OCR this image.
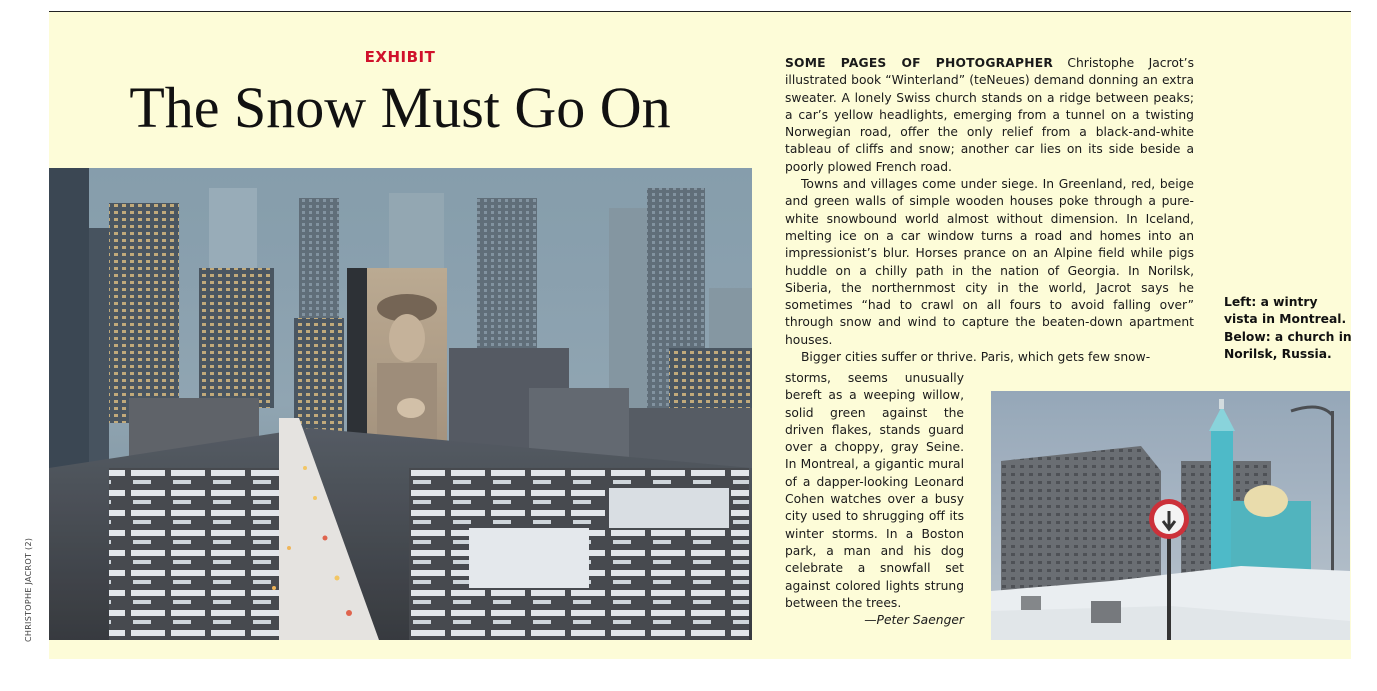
EXHIBIT
The Snow Must Go On
CHRISTOPHE JACROT (2)

SOME PAGES OF PHOTOGRAPHER Christophe Jacrot’s illustrated book “Winterland” (teNeues) demand donning an extra sweater. A lonely Swiss church stands on a ridge between peaks; a car’s yellow headlights, emerging from a tunnel on a twisting Norwegian road, offer the only relief from a black-and-white tableau of cliffs and snow; another car lies on its side beside a poorly plowed French road.

Towns and villages come under siege. In Greenland, red, beige and green walls of simple wooden houses poke through a pure-white snowbound world almost without dimension. In Iceland, melting ice on a car window turns a road and homes into an impressionist’s blur. Horses prance on an Alpine field while pigs huddle on a chilly path in the nation of Georgia. In Norilsk, Siberia, the northernmost city in the world, Jacrot says he sometimes “had to crawl on all fours to avoid falling over” through snow and wind to capture the beaten-down apartment houses.

Bigger cities suffer or thrive. Paris, which gets few snow-

storms, seems unusually bereft as a weeping willow, solid green against the driven flakes, stands guard over a choppy, gray Seine. In Montreal, a gigantic mural of a dapper-looking Leonard Cohen watches over a busy city used to shrugging off its winter storms. In a Boston park, a man and his dog celebrate a snowfall set against colored lights strung between the trees.

—Peter Saenger

Left: a wintry vista in Montreal. Below: a church in Norilsk, Russia.
